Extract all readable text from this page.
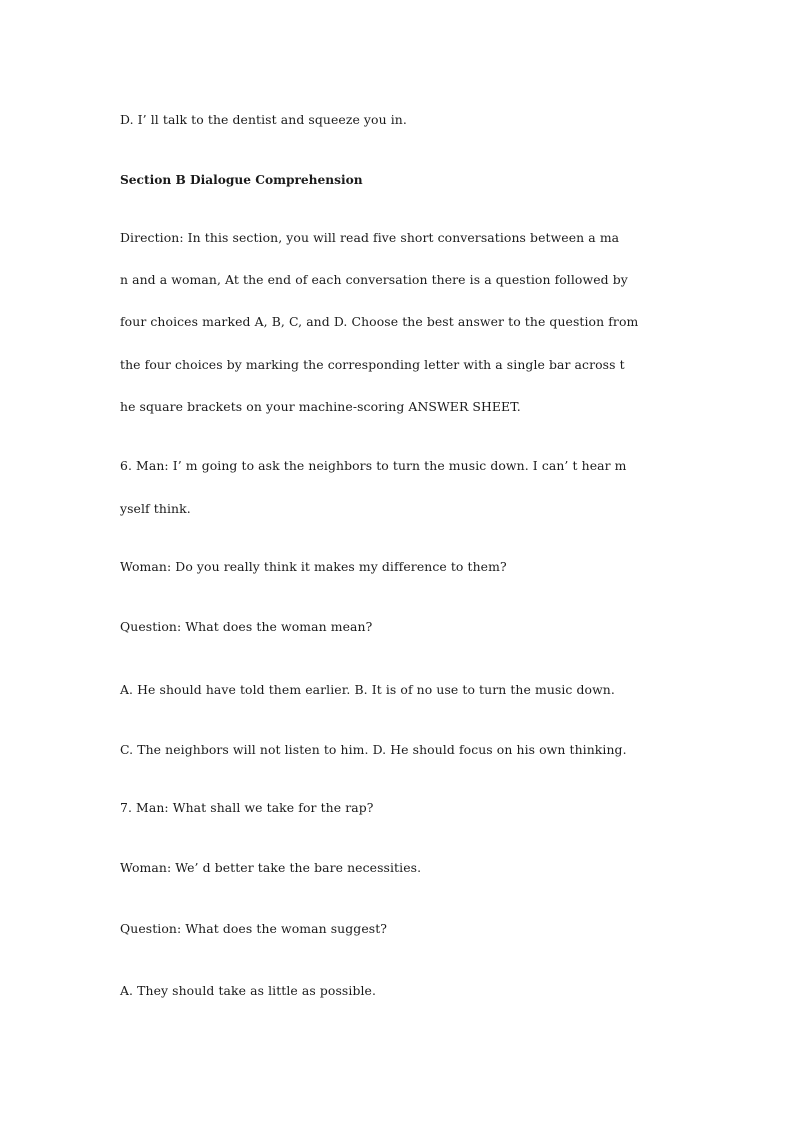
D. I’ ll talk to the dentist and squeeze you in.
Section B Dialogue Comprehension
Direction: In this section, you will read five short conversations between a ma
n and a woman, At the end of each conversation there is a question followed by
four choices marked A, B, C, and D. Choose the best answer to the question from
the four choices by marking the corresponding letter with a single bar across t
he square brackets on your machine-scoring ANSWER SHEET.
6. Man: I’ m going to ask the neighbors to turn the music down. I can’ t hear m
yself think.
Woman: Do you really think it makes my difference to them?
Question: What does the woman mean?
A. He should have told them earlier. B. It is of no use to turn the music down.
C. The neighbors will not listen to him. D. He should focus on his own thinking.
7. Man: What shall we take for the rap?
Woman: We’ d better take the bare necessities.
Question: What does the woman suggest?
A. They should take as little as possible.
